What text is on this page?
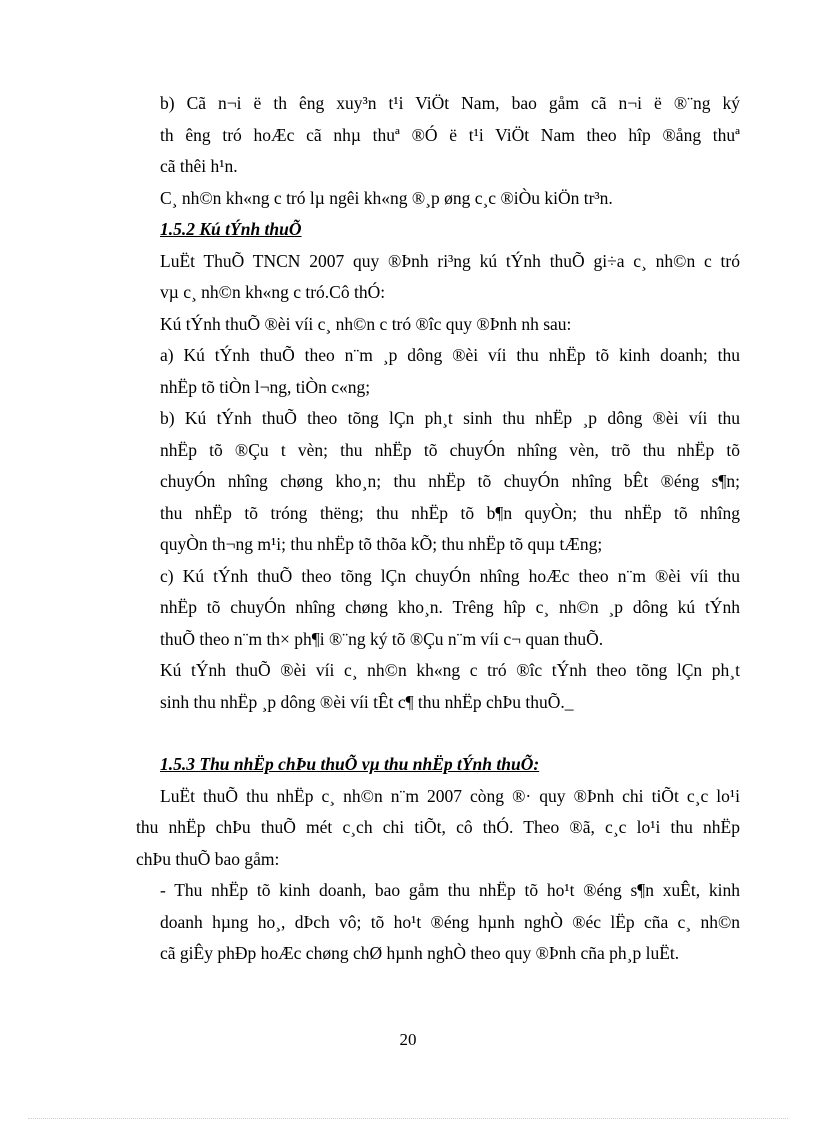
b) Cã n¬i ë th êng xuy³n t¹i ViÖt Nam, bao gåm cã n¬i ë ®¨ng ký

th êng tró hoÆc cã nhµ thuª ®Ó ë t¹i ViÖt Nam theo hîp ®ång thuª

cã thêi h¹n.

C¸ nh©n kh«ng c tró lµ ngêi kh«ng ®¸p øng c¸c ®iÒu kiÖn tr³n.

1.5.2 Kú tÝnh thuÕ

LuËt ThuÕ TNCN 2007 quy ®Þnh ri³ng kú tÝnh thuÕ gi÷a c¸ nh©n c tró

vµ c¸ nh©n kh«ng c tró.Cô thÓ:

Kú tÝnh thuÕ ®èi víi c¸ nh©n c tró ®îc quy ®Þnh nh sau:

a) Kú tÝnh thuÕ theo n¨m ¸p dông ®èi víi thu nhËp tõ kinh doanh; thu

nhËp tõ tiÒn l¬ng, tiÒn c«ng;

b) Kú tÝnh thuÕ theo tõng lÇn ph¸t sinh thu nhËp ¸p dông ®èi víi thu

nhËp tõ ®Çu t vèn; thu nhËp tõ chuyÓn nhîng vèn, trõ thu nhËp tõ

chuyÓn nhîng chøng kho¸n; thu nhËp tõ chuyÓn nhîng bÊt ®éng s¶n;

thu nhËp tõ tróng thëng; thu nhËp tõ b¶n quyÒn; thu nhËp tõ nhîng

quyÒn th¬ng m¹i; thu nhËp tõ thõa kÕ; thu nhËp tõ quµ tÆng;

c) Kú tÝnh thuÕ theo tõng lÇn chuyÓn nhîng hoÆc theo n¨m ®èi víi thu

nhËp tõ chuyÓn nhîng chøng kho¸n. Trêng hîp c¸ nh©n ¸p dông kú tÝnh

thuÕ theo n¨m th× ph¶i ®¨ng ký tõ ®Çu n¨m víi c¬ quan thuÕ.

Kú tÝnh thuÕ ®èi víi c¸ nh©n kh«ng c tró ®îc tÝnh theo tõng lÇn ph¸t

sinh thu nhËp ¸p dông ®èi víi tÊt c¶ thu nhËp chÞu thuÕ._

1.5.3 Thu nhËp chÞu thuÕ vµ thu nhËp tÝnh thuÕ:

LuËt thuÕ thu nhËp c¸ nh©n n¨m 2007 còng ®· quy ®Þnh chi tiÕt c¸c lo¹i

thu nhËp chÞu thuÕ mét c¸ch chi tiÕt, cô thÓ. Theo ®ã, c¸c lo¹i thu nhËp

chÞu thuÕ bao gåm:

- Thu nhËp tõ kinh doanh, bao gåm thu nhËp tõ ho¹t ®éng s¶n xuÊt, kinh

doanh hµng ho¸, dÞch vô; tõ ho¹t ®éng hµnh nghÒ ®éc lËp cña c¸ nh©n

cã giÊy phÐp hoÆc chøng chØ hµnh nghÒ theo quy ®Þnh cña ph¸p luËt.

20
